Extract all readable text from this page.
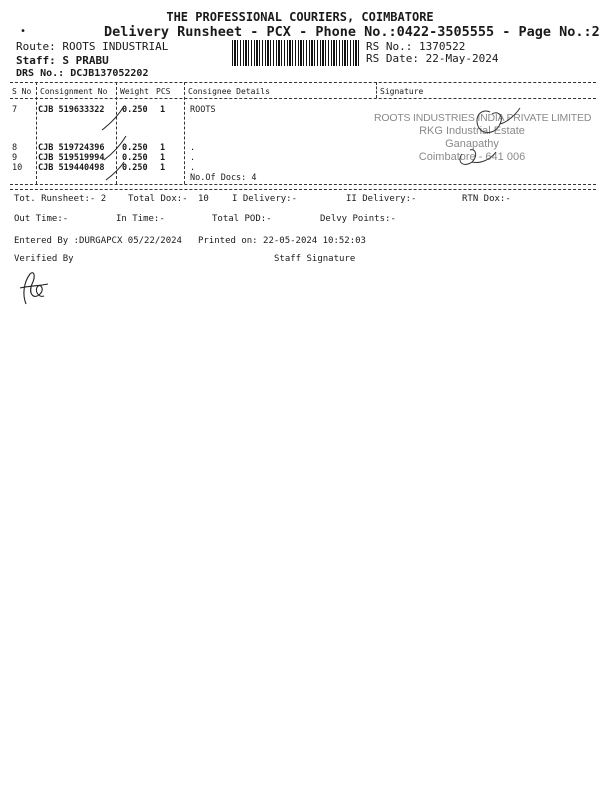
THE PROFESSIONAL COURIERS, COIMBATORE
•	Delivery Runsheet - PCX - Phone No.:0422-3505555 - Page No.:2
Route: ROOTS INDUSTRIAL
Staff: S PRABU
DRS No.: DCJB137052202
RS No.: 1370522
RS Date: 22-May-2024
S No Consignment No Weight PCS Consignee Details	Signature
7 CJB 519633322 0.250 1	ROOTS
8 CJB 519724396 0.250 1	.
9 CJB 519519994 0.250 1	.
10 CJB 519440498 0.250 1	.
No.Of Docs: 4
ROOTS INDUSTRIES INDIA PRIVATE LIMITED
RKG Industrial Estate
Ganapathy
Coimbatore - 641 006
Tot. Runsheet:- 2 Total Dox:- 10	I Delivery:-	II Delivery:-	RTN Dox:-
Out Time:-	In Time:-	Total POD:-	Delvy Points:-
Entered By :DURGAPCX 05/22/2024 Printed on: 22-05-2024 10:52:03
Verified By	Staff Signature
